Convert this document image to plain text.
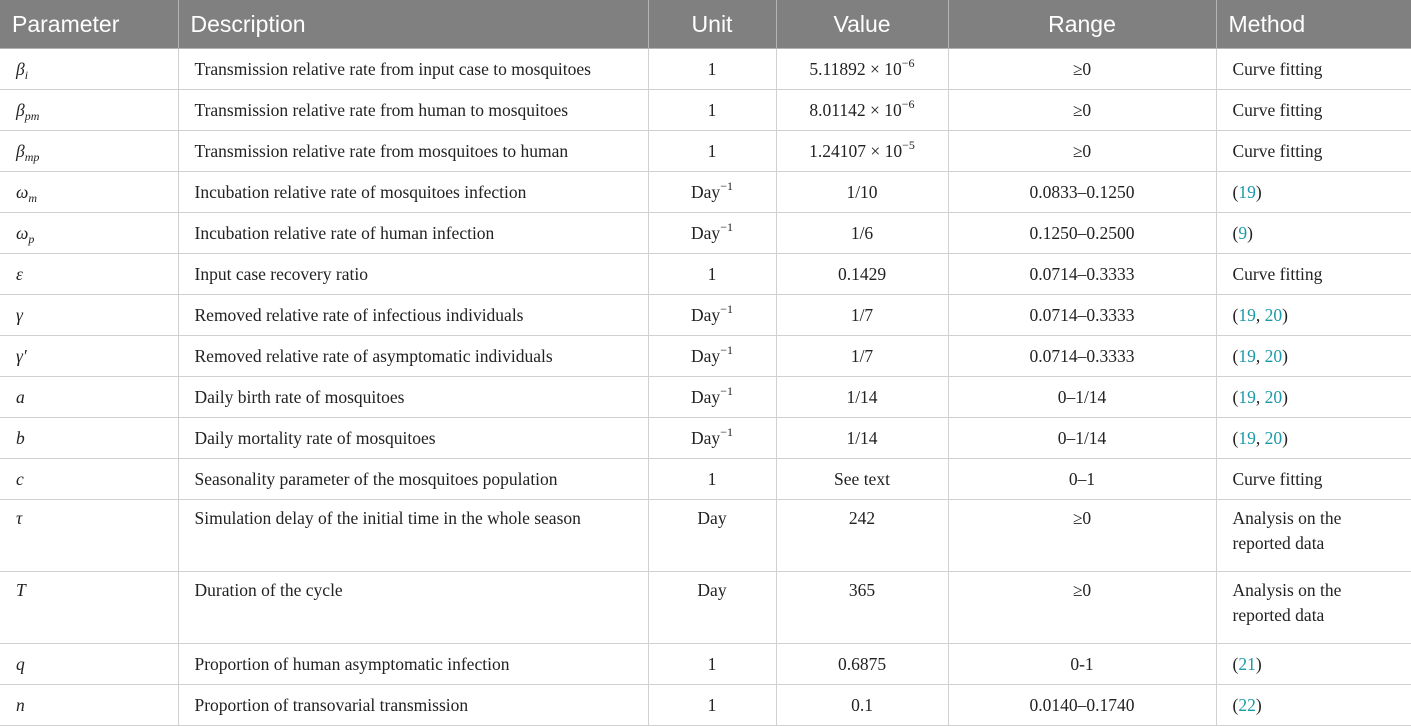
Parameter	Description	Unit	Value	Range	Method
$\beta_i$	Transmission relative rate from input case to mosquitoes	1	$5.11892 \times 10^{-6}$	≥0	Curve fitting
$\beta_{pm}$	Transmission relative rate from human to mosquitoes	1	$8.01142 \times 10^{-6}$	≥0	Curve fitting
$\beta_{mp}$	Transmission relative rate from mosquitoes to human	1	$1.24107 \times 10^{-5}$	≥0	Curve fitting
$\omega_m$	Incubation relative rate of mosquitoes infection	Day$^{-1}$	1/10	0.0833–0.1250	(19)
$\omega_p$	Incubation relative rate of human infection	Day$^{-1}$	1/6	0.1250–0.2500	(9)
ε	Input case recovery ratio	1	0.1429	0.0714–0.3333	Curve fitting
γ	Removed relative rate of infectious individuals	Day$^{-1}$	1/7	0.0714–0.3333	(19, 20)
γ′	Removed relative rate of asymptomatic individuals	Day$^{-1}$	1/7	0.0714–0.3333	(19, 20)
a	Daily birth rate of mosquitoes	Day$^{-1}$	1/14	0–1/14	(19, 20)
b	Daily mortality rate of mosquitoes	Day$^{-1}$	1/14	0–1/14	(19, 20)
c	Seasonality parameter of the mosquitoes population	1	See text	0–1	Curve fitting
τ	Simulation delay of the initial time in the whole season	Day	242	≥0	Analysis on the reported data
T	Duration of the cycle	Day	365	≥0	Analysis on the reported data
q	Proportion of human asymptomatic infection	1	0.6875	0-1	(21)
n	Proportion of transovarial transmission	1	0.1	0.0140–0.1740	(22)
